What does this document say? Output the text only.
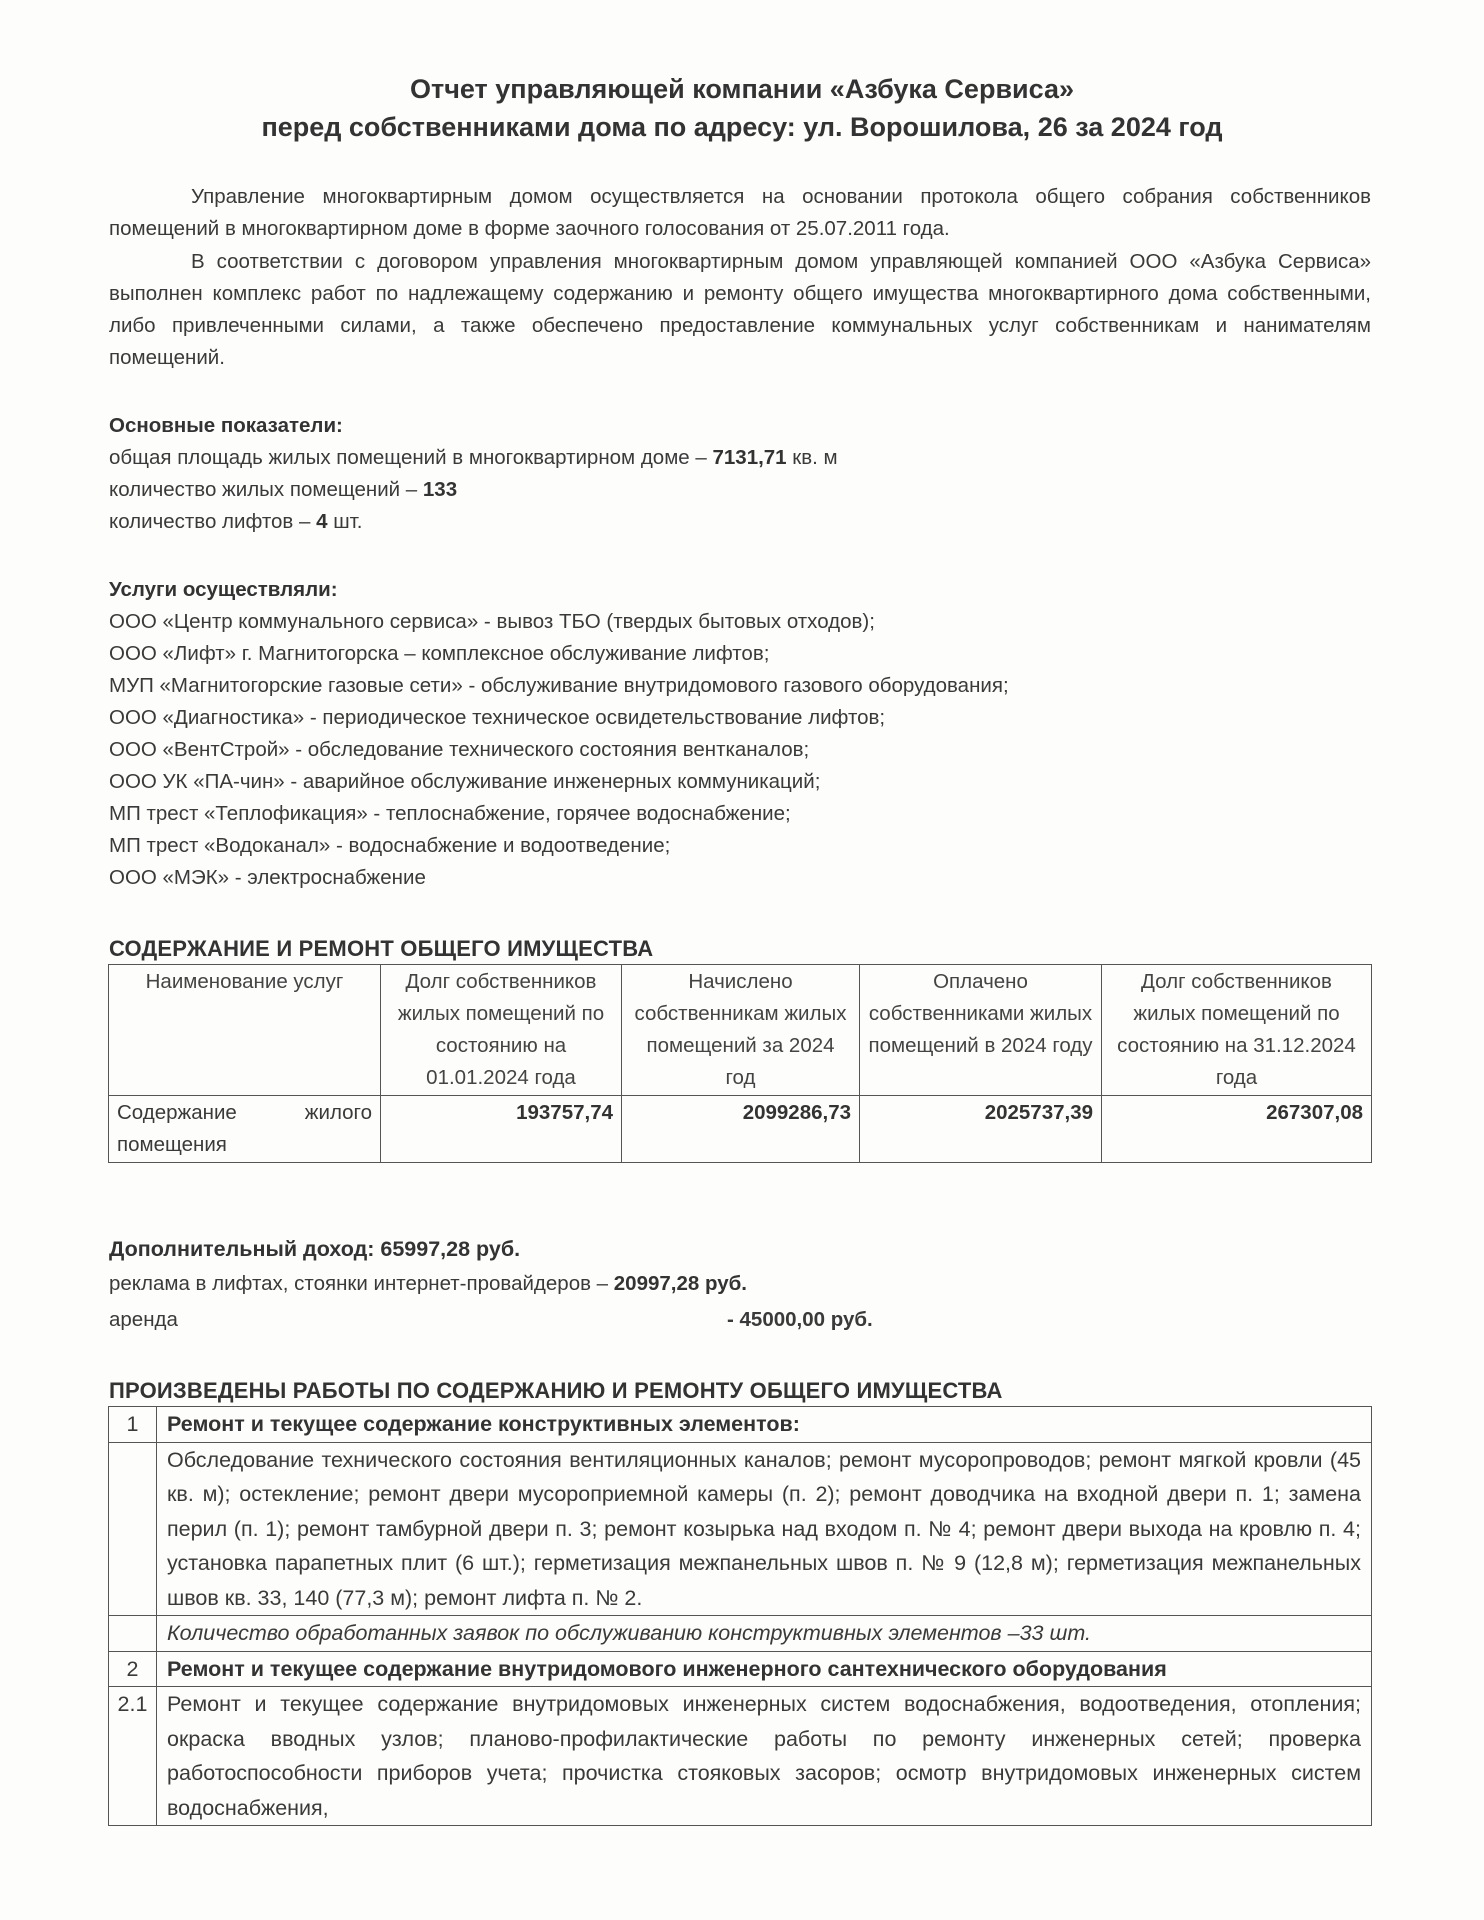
Отчет управляющей компании «Азбука Сервиса»
перед собственниками дома по адресу: ул. Ворошилова, 26 за 2024 год
Управление многоквартирным домом осуществляется на основании протокола общего собрания собственников помещений в многоквартирном доме в форме заочного голосования от 25.07.2011 года.
В соответствии с договором управления многоквартирным домом управляющей компанией ООО «Азбука Сервиса» выполнен комплекс работ по надлежащему содержанию и ремонту общего имущества многоквартирного дома собственными, либо привлеченными силами, а также обеспечено предоставление коммунальных услуг собственникам и нанимателям помещений.
Основные показатели:
общая площадь жилых помещений в многоквартирном доме – 7131,71 кв. м
количество жилых помещений – 133
количество лифтов – 4 шт.
Услуги осуществляли:
ООО «Центр коммунального сервиса» - вывоз ТБО (твердых бытовых отходов);
ООО «Лифт» г. Магнитогорска – комплексное обслуживание лифтов;
МУП «Магнитогорские газовые сети» - обслуживание внутридомового газового оборудования;
ООО «Диагностика» - периодическое техническое освидетельствование лифтов;
ООО «ВентСтрой» - обследование технического состояния вентканалов;
ООО УК «ПА-чин» - аварийное обслуживание инженерных коммуникаций;
МП трест «Теплофикация» - теплоснабжение, горячее водоснабжение;
МП трест «Водоканал» - водоснабжение и водоотведение;
ООО «МЭК» - электроснабжение
СОДЕРЖАНИЕ И РЕМОНТ ОБЩЕГО ИМУЩЕСТВА
Наименование услуг	Долг собственников жилых помещений по состоянию на 01.01.2024 года	Начислено собственникам жилых помещений за 2024 год	Оплачено собственниками жилых помещений в 2024 году	Долг собственников жилых помещений по состоянию на 31.12.2024 года
Содержание жилого помещения	193757,74	2099286,73	2025737,39	267307,08
Дополнительный доход: 65997,28 руб.
реклама в лифтах, стоянки интернет-провайдеров – 20997,28 руб.
аренда	- 45000,00 руб.
ПРОИЗВЕДЕНЫ РАБОТЫ ПО СОДЕРЖАНИЮ И РЕМОНТУ ОБЩЕГО ИМУЩЕСТВА
1	Ремонт и текущее содержание конструктивных элементов:
	Обследование технического состояния вентиляционных каналов; ремонт мусоропроводов; ремонт мягкой кровли (45 кв. м); остекление; ремонт двери мусороприемной камеры (п. 2); ремонт доводчика на входной двери п. 1; замена перил (п. 1); ремонт тамбурной двери п. 3; ремонт козырька над входом п. № 4; ремонт двери выхода на кровлю п. 4; установка парапетных плит (6 шт.); герметизация межпанельных швов п. № 9 (12,8 м); герметизация межпанельных швов кв. 33, 140 (77,3 м); ремонт лифта п. № 2.
	Количество обработанных заявок по обслуживанию конструктивных элементов –33 шт.
2	Ремонт и текущее содержание внутридомового инженерного сантехнического оборудования
2.1	Ремонт и текущее содержание внутридомовых инженерных систем водоснабжения, водоотведения, отопления; окраска вводных узлов; планово-профилактические работы по ремонту инженерных сетей; проверка работоспособности приборов учета; прочистка стояковых засоров; осмотр внутридомовых инженерных систем водоснабжения,
